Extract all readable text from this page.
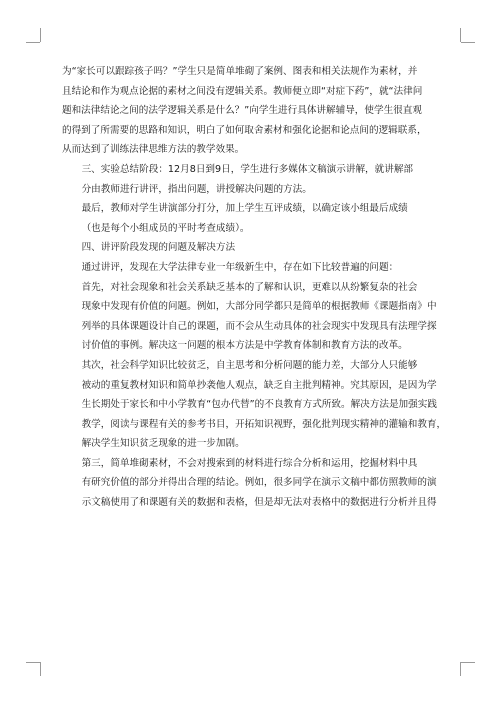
为“家长可以跟踪孩子吗？”学生只是简单堆砌了案例、图表和相关法规作为素材，并
且结论和作为观点论据的素材之间没有逻辑关系。教师便立即“对症下药”，就“法律问
题和法律结论之间的法学逻辑关系是什么？”向学生进行具体讲解辅导，使学生很直观
的得到了所需要的思路和知识，明白了如何取舍素材和强化论据和论点间的逻辑联系，
从而达到了训练法律思维方法的教学效果。

三、实验总结阶段：12月8日到9日，学生进行多媒体文稿演示讲解，就讲解部
分由教师进行讲评，指出问题，讲授解决问题的方法。

最后，教师对学生讲演部分打分，加上学生互评成绩，以确定该小组最后成绩
（也是每个小组成员的平时考查成绩）。

四、讲评阶段发现的问题及解决方法

通过讲评，发现在大学法律专业一年级新生中，存在如下比较普遍的问题：

首先，对社会现象和社会关系缺乏基本的了解和认识，更难以从纷繁复杂的社会
现象中发现有价值的问题。例如，大部分同学都只是简单的根据教师《课题指南》中
列举的具体课题设计自己的课题，而不会从生动具体的社会现实中发现具有法理学探
讨价值的事例。解决这一问题的根本方法是中学教育体制和教育方法的改革。

其次，社会科学知识比较贫乏，自主思考和分析问题的能力差，大部分人只能够
被动的重复教材知识和简单抄袭他人观点，缺乏自主批判精神。究其原因，是因为学
生长期处于家长和中小学教育“包办代替”的不良教育方式所致。解决方法是加强实践
教学，阅读与课程有关的参考书目，开拓知识视野，强化批判现实精神的灌输和教育，
解决学生知识贫乏现象的进一步加剧。

第三，简单堆砌素材，不会对搜索到的材料进行综合分析和运用，挖掘材料中具
有研究价值的部分并得出合理的结论。例如，很多同学在演示文稿中都仿照教师的演
示文稿使用了和课题有关的数据和表格，但是却无法对表格中的数据进行分析并且得
